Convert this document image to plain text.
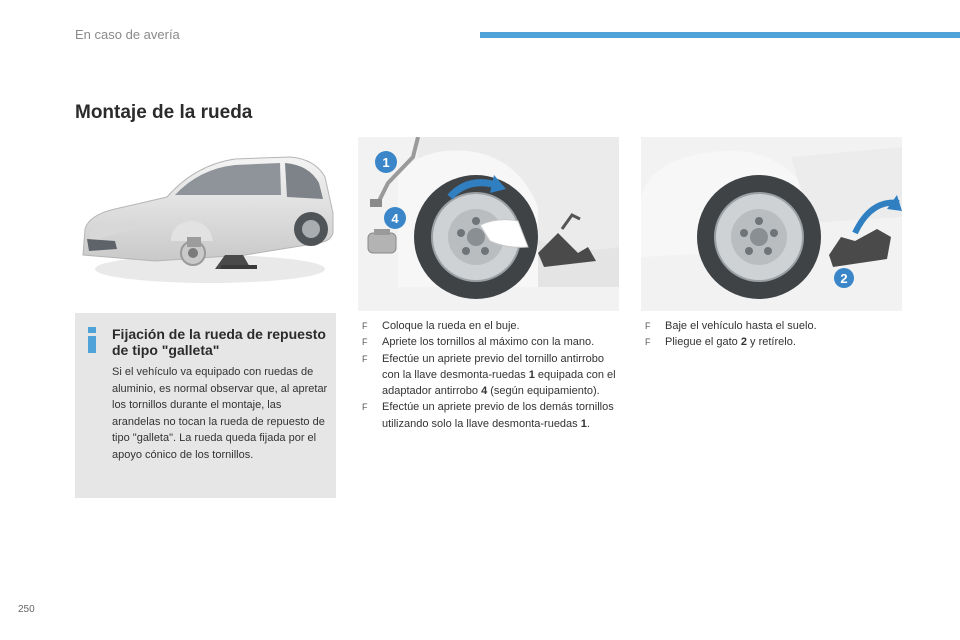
En caso de avería
Montaje de la rueda
1
4
2
Fijación de la rueda de repuesto de tipo "galleta"
Si el vehículo va equipado con ruedas de aluminio, es normal observar que, al apretar los tornillos durante el montaje, las arandelas no tocan la rueda de repuesto de tipo "galleta". La rueda queda fijada por el apoyo cónico de los tornillos.
F Coloque la rueda en el buje.
F Apriete los tornillos al máximo con la mano.
F Efectúe un apriete previo del tornillo antirrobo con la llave desmonta-ruedas 1 equipada con el adaptador antirrobo 4 (según equipamiento).
F Efectúe un apriete previo de los demás tornillos utilizando solo la llave desmonta-ruedas 1.
F Baje el vehículo hasta el suelo.
F Pliegue el gato 2 y retírelo.
250
